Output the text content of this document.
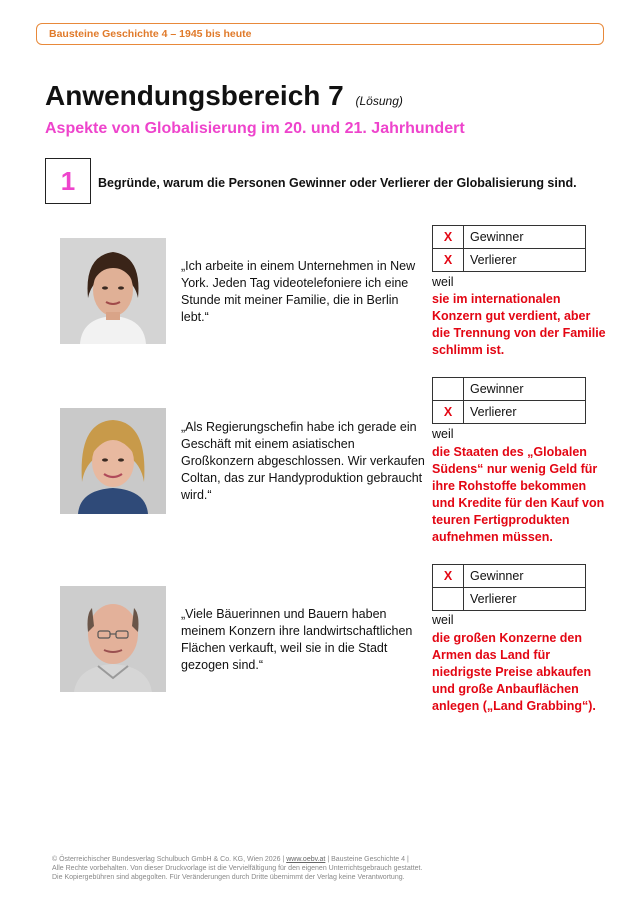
Bausteine Geschichte 4 – 1945 bis heute
Anwendungsbereich 7 (Lösung)
Aspekte von Globalisierung im 20. und 21. Jahrhundert
1	Begründe, warum die Personen Gewinner oder Verlierer der Globalisierung sind.
„Ich arbeite in einem Unternehmen in New York. Jeden Tag videotelefoniere ich eine Stunde mit meiner Familie, die in Berlin lebt.“
X	Gewinner
X	Verlierer
weil
sie im internationalen Konzern gut verdient, aber die Trennung von der Familie schlimm ist.
„Als Regierungschefin habe ich gerade ein Geschäft mit einem asiatischen Großkonzern abgeschlossen. Wir verkaufen Coltan, das zur Handyproduktion gebraucht wird.“
	Gewinner
X	Verlierer
weil
die Staaten des „Globalen Südens“ nur wenig Geld für ihre Rohstoffe bekommen und Kredite für den Kauf von teuren Fertigprodukten aufnehmen müssen.
„Viele Bäuerinnen und Bauern haben meinem Konzern ihre landwirtschaftlichen Flächen verkauft, weil sie in die Stadt gezogen sind.“
X	Gewinner
	Verlierer
weil
die großen Konzerne den Armen das Land für niedrigste Preise abkaufen und große Anbauflächen anlegen („Land Grabbing“).
© Österreichischer Bundesverlag Schulbuch GmbH & Co. KG, Wien 2026 | www.oebv.at | Bausteine Geschichte 4 |
Alle Rechte vorbehalten. Von dieser Druckvorlage ist die Vervielfältigung für den eigenen Unterrichtsgebrauch gestattet.
Die Kopiergebühren sind abgegolten. Für Veränderungen durch Dritte übernimmt der Verlag keine Verantwortung.
